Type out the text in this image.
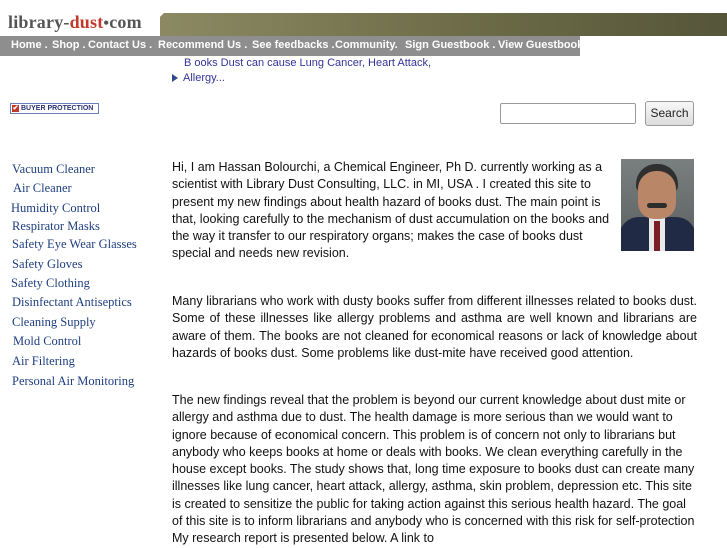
library-dust•com
Home . Shop . Contact Us . Recommend Us . See feedbacks . Community. Sign Guestbook . View Guestbook
B ooks Dust can cause Lung Cancer, Heart Attack,
Allergy...
✔ BUYER PROTECTION	Search
Vacuum Cleaner
Air Cleaner
Humidity Control
Respirator Masks
Safety Eye Wear Glasses
Safety Gloves
Safety Clothing
Disinfectant Antiseptics
Cleaning Supply
Mold Control
Air Filtering
Personal Air Monitoring

Hi, I am Hassan Bolourchi, a Chemical Engineer, Ph D. currently working as a scientist with Library Dust Consulting, LLC. in MI, USA . I created this site to present my new findings about health hazard of books dust. The main point is that, looking carefully to the mechanism of dust accumulation on the books and the way it transfer to our respiratory organs; makes the case of books dust special and needs new revision.

Many librarians who work with dusty books suffer from different illnesses related to books dust. Some of these illnesses like allergy problems and asthma are well known and librarians are aware of them. The books are not cleaned for economical reasons or lack of knowledge about hazards of books dust. Some problems like dust-mite have received good attention.

The new findings reveal that the problem is beyond our current knowledge about dust mite or allergy and asthma due to dust. The health damage is more serious than we would want to ignore because of economical concern. This problem is of concern not only to librarians but anybody who keeps books at home or deals with books. We clean everything carefully in the house except books. The study shows that, long time exposure to books dust can create many illnesses like lung cancer, heart attack, allergy, asthma, skin problem, depression etc. This site is created to sensitize the public for taking action against this serious health hazard. The goal of this site is to inform librarians and anybody who is concerned with this risk for self-protection My research report is presented below. A link to
